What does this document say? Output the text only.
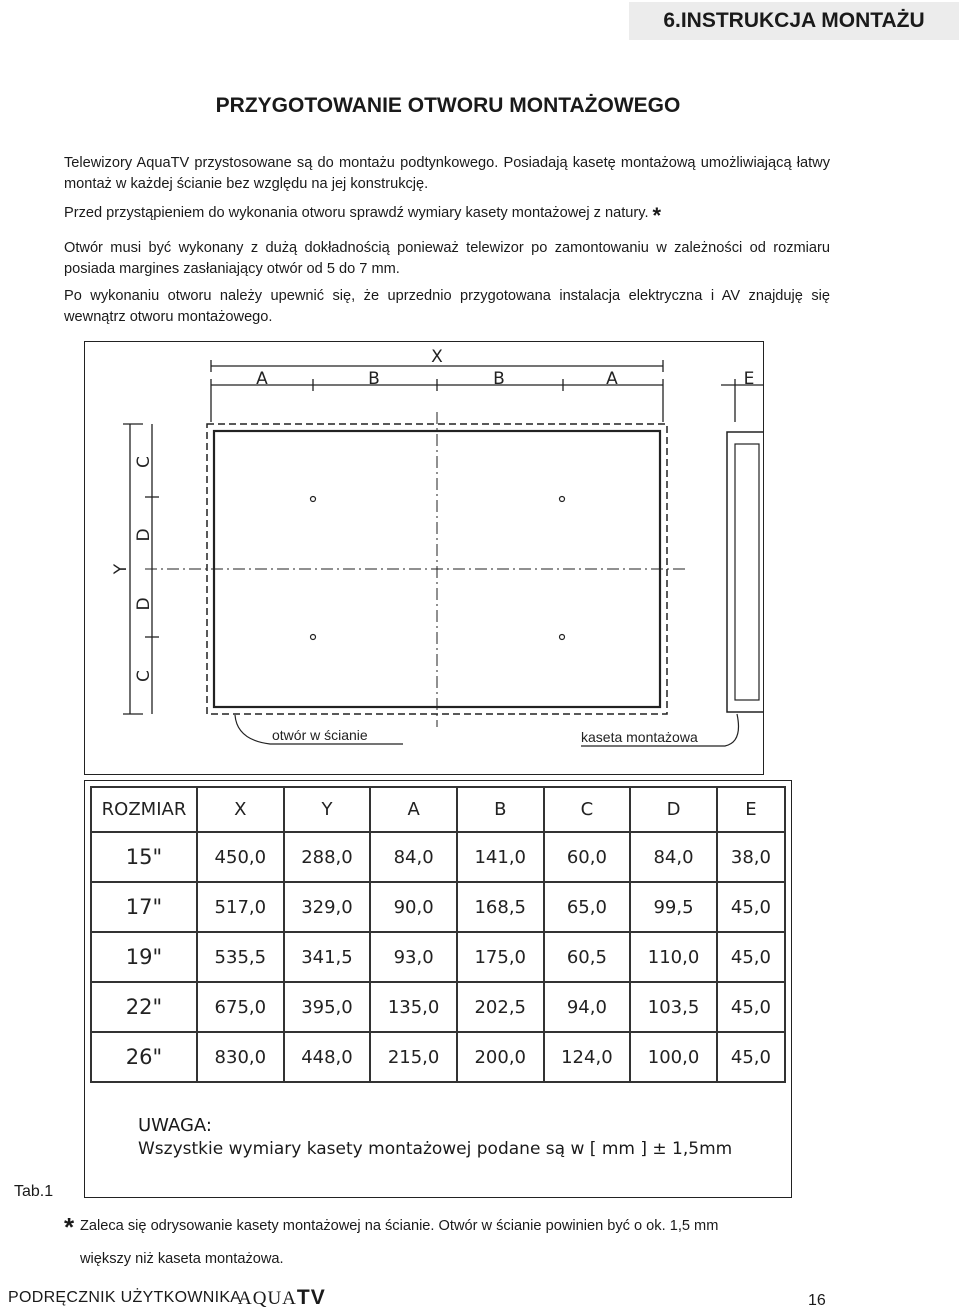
6.INSTRUKCJA MONTAŻU
PRZYGOTOWANIE OTWORU MONTAŻOWEGO
Telewizory AquaTV przystosowane są do montażu podtynkowego. Posiadają kasetę montażową umożliwiającą łatwy montaż w każdej ścianie bez względu na jej konstrukcję.
Przed przystąpieniem do wykonania otworu sprawdź wymiary kasety montażowej z natury. *
Otwór musi być wykonany z dużą dokładnością ponieważ telewizor po zamontowaniu w zależności od rozmiaru posiada margines zasłaniający otwór od 5 do 7 mm.
Po wykonaniu otworu należy upewnić się, że uprzednio przygotowana instalacja elektryczna i AV znajduję się wewnątrz otworu montażowego.
X
A	B	B	A	E
Y
C
D
D
C
otwór w ścianie	kaseta montażowa
ROZMIAR	X	Y	A	B	C	D	E
15"	450,0	288,0	84,0	141,0	60,0	84,0	38,0
17"	517,0	329,0	90,0	168,5	65,0	99,5	45,0
19"	535,5	341,5	93,0	175,0	60,5	110,0	45,0
22"	675,0	395,0	135,0	202,5	94,0	103,5	45,0
26"	830,0	448,0	215,0	200,0	124,0	100,0	45,0
UWAGA:
Wszystkie wymiary kasety montażowej podane są w [ mm ] ± 1,5mm
Tab.1
* Zaleca się odrysowanie kasety montażowej na ścianie. Otwór w ścianie powinien być o ok. 1,5 mm
większy niż kaseta montażowa.
PODRĘCZNIK UŻYTKOWNIKA
AQUATV	16
